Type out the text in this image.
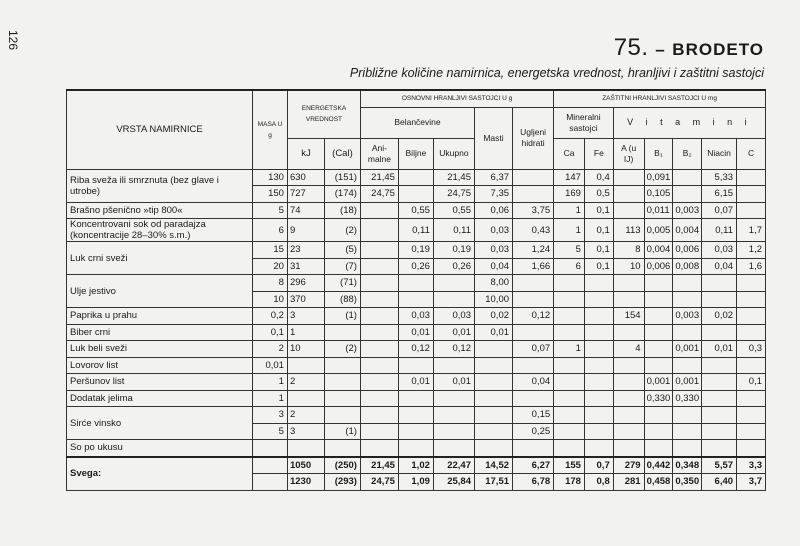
126	75. – BRODETO
Približne količine namirnica, energetska vrednost, hranljivi i zaštitni sastojci
VRSTA NAMIRNICE	MASA U g	ENERGETSKA VREDNOST		OSNOVNI HRANLJIVI SASTOJCI U g					ZAŠTITNI HRANLJIVI SASTOJCI U mg						
				Belančevine			Masti	Ugljeni hidrati	Mineralni sastojci		V i t a m i n i				
		kJ	(Cal)	Ani-malne	Biljne	Ukupno			Ca	Fe	A (u IJ)	B₁	B₂	Niacin	C
Riba sveža ili smrznuta (bez glave i utrobe)	130	630	(151)	21,45		21,45	6,37		147	0,4		0,091		5,33	
	150	727	(174)	24,75		24,75	7,35		169	0,5		0,105		6,15	
Brašno pšenično »tip 800«	5	74	(18)		0,55	0,55	0,06	3,75	1	0,1		0,011	0,003	0,07	
Koncentrovani sok od paradajza (koncentracije 28–30% s.m.)	6	9	(2)		0,11	0,11	0,03	0,43	1	0,1	113	0,005	0,004	0,11	1,7
Luk crni sveži	15	23	(5)		0,19	0,19	0,03	1,24	5	0,1	8	0,004	0,006	0,03	1,2
	20	31	(7)		0,26	0,26	0,04	1,66	6	0,1	10	0,006	0,008	0,04	1,6
Ulje jestivo	8	296	(71)				8,00								
	10	370	(88)				10,00								
Paprika u prahu	0,2	3	(1)		0,03	0,03	0,02	0,12			154		0,003	0,02	
Biber crni	0,1	1			0,01	0,01	0,01								
Luk beli sveži	2	10	(2)		0,12	0,12		0,07	1		4		0,001	0,01	0,3
Lovorov list	0,01														
Peršunov list	1	2			0,01	0,01		0,04				0,001	0,001		0,1
Dodatak jelima	1											0,330	0,330		
Sirće vinsko	3	2						0,15							
	5	3	(1)					0,25							
So po ukusu															
Svega:		1050	(250)	21,45	1,02	22,47	14,52	6,27	155	0,7	279	0,442	0,348	5,57	3,3
		1230	(293)	24,75	1,09	25,84	17,51	6,78	178	0,8	281	0,458	0,350	6,40	3,7
